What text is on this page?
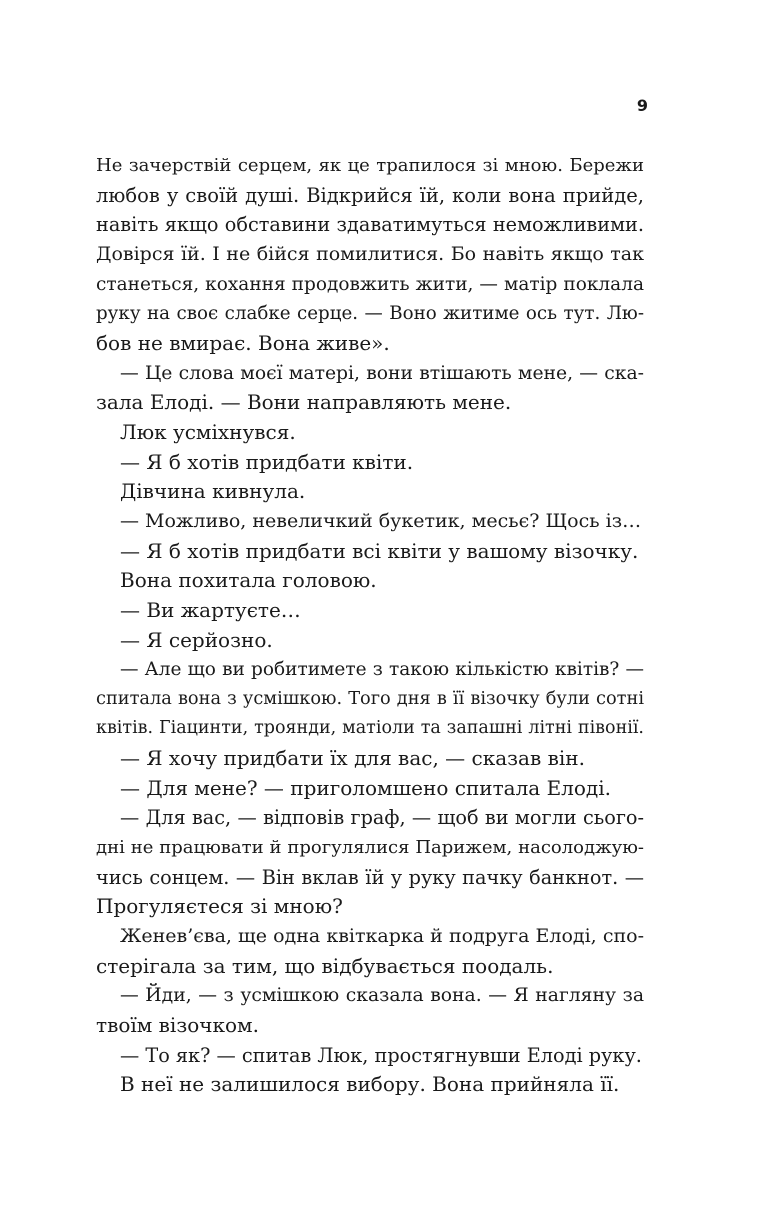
9
Не зачерствій серцем, як це трапилося зі мною. Бережи
любов у своїй душі. Відкрийся їй, коли вона прийде,
навіть якщо обставини здаватимуться неможливими.
Довірся їй. І не бійся помилитися. Бо навіть якщо так
станеться, кохання продовжить жити, — матір поклала
руку на своє слабке серце. — Воно житиме ось тут. Лю-
бов не вмирає. Вона живе».
— Це слова моєї матері, вони втішають мене, — ска-
зала Елоді. — Вони направляють мене.
Люк усміхнувся.
— Я б хотів придбати квіти.
Дівчина кивнула.
— Можливо, невеличкий букетик, месьє? Щось із…
— Я б хотів придбати всі квіти у вашому візочку.
Вона похитала головою.
— Ви жартуєте…
— Я серйозно.
— Але що ви робитимете з такою кількістю квітів? —
спитала вона з усмішкою. Того дня в її візочку були сотні
квітів. Гіацинти, троянди, матіоли та запашні літні півонії.
— Я хочу придбати їх для вас, — сказав він.
— Для мене? — приголомшено спитала Елоді.
— Для вас, — відповів граф, — щоб ви могли сього-
дні не працювати й прогулялися Парижем, насолоджую-
чись сонцем. — Він вклав їй у руку пачку банкнот. —
Прогуляєтеся зі мною?
Женев’єва, ще одна квіткарка й подруга Елоді, спо-
стерігала за тим, що відбувається поодаль.
— Йди, — з усмішкою сказала вона. — Я нагляну за
твоїм візочком.
— То як? — спитав Люк, простягнувши Елоді руку.
В неї не залишилося вибору. Вона прийняла її.
